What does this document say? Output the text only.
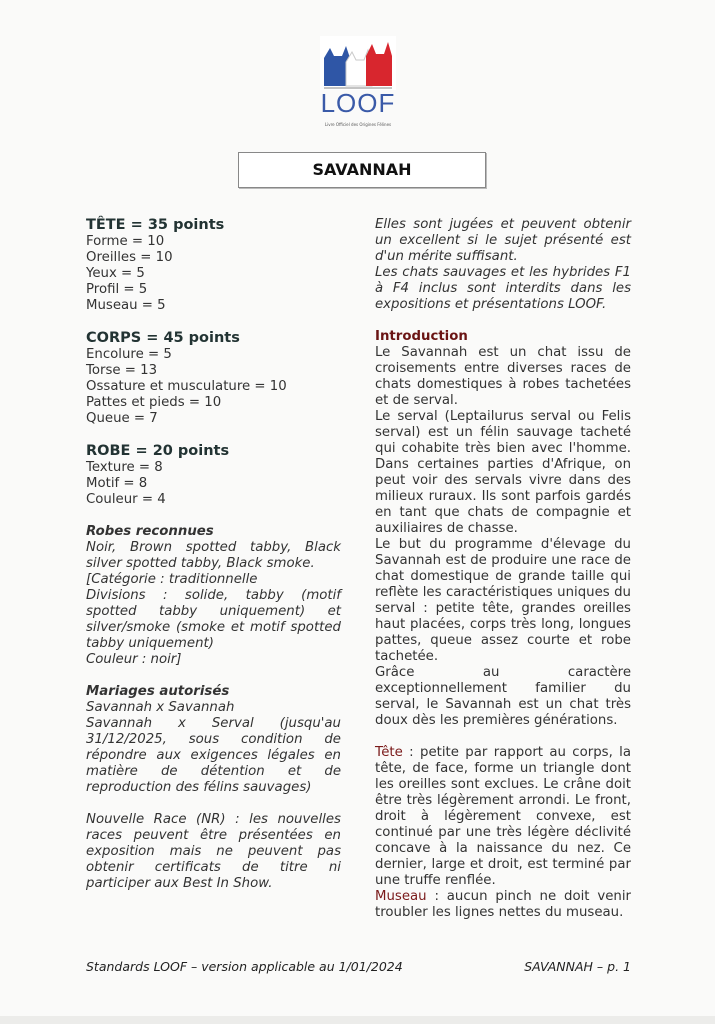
LOOF
Livre Officiel des Origines Félines
SAVANNAH

TÊTE = 35 points

Forme = 10

Oreilles = 10

Yeux = 5

Profil = 5

Museau = 5

CORPS = 45 points

Encolure = 5

Torse = 13

Ossature et musculature = 10

Pattes et pieds = 10

Queue = 7

ROBE = 20 points

Texture = 8

Motif = 8

Couleur = 4

Robes reconnues

Noir, Brown spotted tabby, Black silver spotted tabby, Black smoke.

[Catégorie : traditionnelle

Divisions : solide, tabby (motif spotted tabby uniquement) et silver/smoke (smoke et motif spotted tabby uniquement)

Couleur : noir]

Mariages autorisés

Savannah x Savannah

Savannah x Serval (jusqu'au 31/12/2025, sous condition de répondre aux exigences légales en matière de détention et de reproduction des félins sauvages)

Nouvelle Race (NR) : les nouvelles races peuvent être présentées en exposition mais ne peuvent pas obtenir certificats de titre ni participer aux Best In Show.

Elles sont jugées et peuvent obtenir un excellent si le sujet présenté est d'un mérite suffisant.

Les chats sauvages et les hybrides F1 à F4 inclus sont interdits dans les expositions et présentations LOOF.

Introduction

Le Savannah est un chat issu de croisements entre diverses races de chats domestiques à robes tachetées et de serval.

Le serval (Leptailurus serval ou Felis serval) est un félin sauvage tacheté qui cohabite très bien avec l'homme. Dans certaines parties d'Afrique, on peut voir des servals vivre dans des milieux ruraux. Ils sont parfois gardés en tant que chats de compagnie et auxiliaires de chasse.

Le but du programme d'élevage du Savannah est de produire une race de chat domestique de grande taille qui reflète les caractéristiques uniques du serval : petite tête, grandes oreilles haut placées, corps très long, longues pattes, queue assez courte et robe tachetée.

Grâce au caractère exceptionnellement familier du serval, le Savannah est un chat très doux dès les premières générations.

Tête : petite par rapport au corps, la tête, de face, forme un triangle dont les oreilles sont exclues. Le crâne doit être très légèrement arrondi. Le front, droit à légèrement convexe, est continué par une très légère déclivité concave à la naissance du nez. Ce dernier, large et droit, est terminé par une truffe renflée.

Museau : aucun pinch ne doit venir troubler les lignes nettes du museau.

Standards LOOF – version applicable au 1/01/2024	SAVANNAH – p. 1
